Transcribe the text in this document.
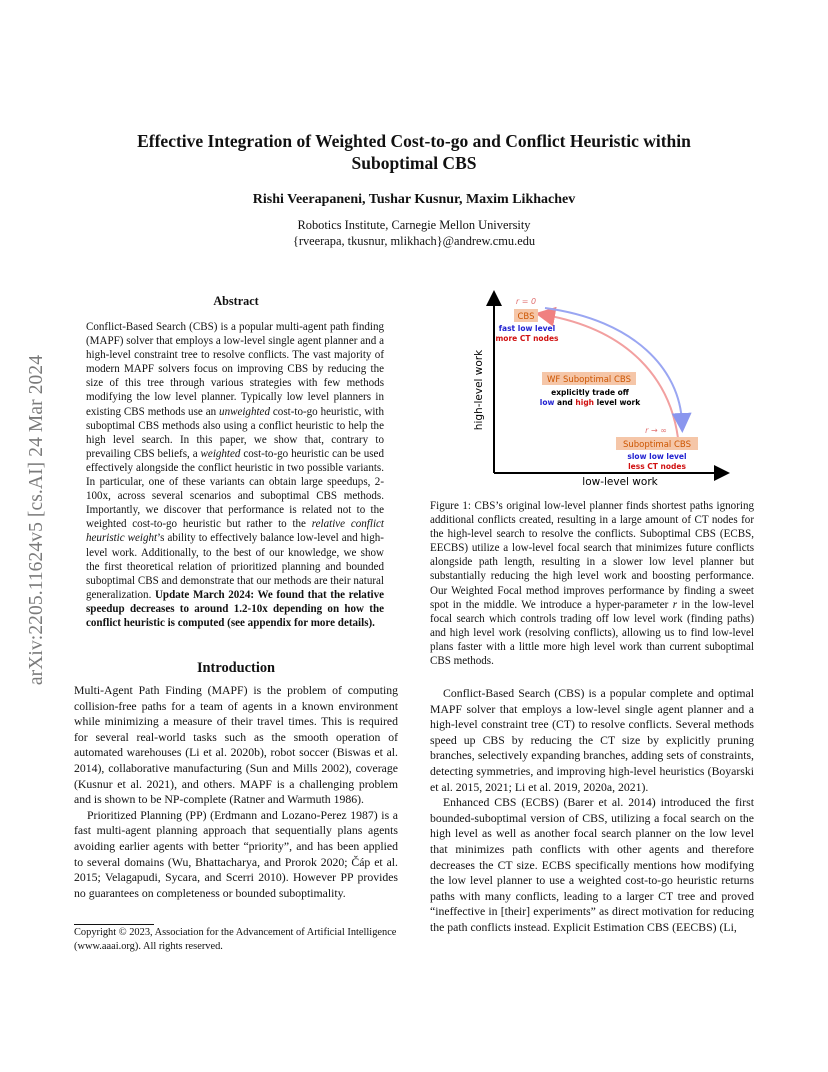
arXiv:2205.11624v5 [cs.AI] 24 Mar 2024
Effective Integration of Weighted Cost-to-go and Conflict Heuristic within
Suboptimal CBS
Rishi Veerapaneni, Tushar Kusnur, Maxim Likhachev
Robotics Institute, Carnegie Mellon University
{rveerapa, tkusnur, mlikhach}@andrew.cmu.edu
Abstract

Conflict-Based Search (CBS) is a popular multi-agent path finding (MAPF) solver that employs a low-level single agent planner and a high-level constraint tree to resolve conflicts. The vast majority of modern MAPF solvers focus on improving CBS by reducing the size of this tree through various strategies with few methods modifying the low level planner. Typically low level planners in existing CBS methods use an unweighted cost-to-go heuristic, with suboptimal CBS methods also using a conflict heuristic to help the high level search. In this paper, we show that, contrary to prevailing CBS beliefs, a weighted cost-to-go heuristic can be used effectively alongside the conflict heuristic in two possible variants. In particular, one of these variants can obtain large speedups, 2-100x, across several scenarios and suboptimal CBS methods. Importantly, we discover that performance is related not to the weighted cost-to-go heuristic but rather to the relative conflict heuristic weight’s ability to effectively balance low-level and high-level work. Additionally, to the best of our knowledge, we show the first theoretical relation of prioritized planning and bounded suboptimal CBS and demonstrate that our methods are their natural generalization. Update March 2024: We found that the relative speedup decreases to around 1.2-10x depending on how the conflict heuristic is computed (see appendix for more details).

Introduction

Multi-Agent Path Finding (MAPF) is the problem of computing collision-free paths for a team of agents in a known environment while minimizing a measure of their travel times. This is required for several real-world tasks such as the smooth operation of automated warehouses (Li et al. 2020b), robot soccer (Biswas et al. 2014), collaborative manufacturing (Sun and Mills 2002), coverage (Kusnur et al. 2021), and others. MAPF is a challenging problem and is shown to be NP-complete (Ratner and Warmuth 1986).

Prioritized Planning (PP) (Erdmann and Lozano-Perez 1987) is a fast multi-agent planning approach that sequentially plans agents avoiding earlier agents with better “priority”, and has been applied to several domains (Wu, Bhattacharya, and Prorok 2020; Čáp et al. 2015; Velagapudi, Sycara, and Scerri 2010). However PP provides no guarantees on completeness or bounded suboptimality.

Copyright © 2023, Association for the Advancement of Artificial Intelligence (www.aaai.org). All rights reserved.
high-level work
low-level work
r = 0
CBS
fast low level
more CT nodes
WF Suboptimal CBS
explicitly trade off
low and high level work
r → ∞
Suboptimal CBS
slow low level
less CT nodes

Figure 1: CBS’s original low-level planner finds shortest paths ignoring additional conflicts created, resulting in a large amount of CT nodes for the high-level search to resolve the conflicts. Suboptimal CBS (ECBS, EECBS) utilize a low-level focal search that minimizes future conflicts alongside path length, resulting in a slower low level planner but substantially reducing the high level work and boosting performance. Our Weighted Focal method improves performance by finding a sweet spot in the middle. We introduce a hyper-parameter r in the low-level focal search which controls trading off low level work (finding paths) and high level work (resolving conflicts), allowing us to find low-level plans faster with a little more high level work than current suboptimal CBS methods.

Conflict-Based Search (CBS) is a popular complete and optimal MAPF solver that employs a low-level single agent planner and a high-level constraint tree (CT) to resolve conflicts. Several methods speed up CBS by reducing the CT size by explicitly pruning branches, selectively expanding branches, adding sets of constraints, detecting symmetries, and improving high-level heuristics (Boyarski et al. 2015, 2021; Li et al. 2019, 2020a, 2021).

Enhanced CBS (ECBS) (Barer et al. 2014) introduced the first bounded-suboptimal version of CBS, utilizing a focal search on the high level as well as another focal search planner on the low level that minimizes path conflicts with other agents and therefore decreases the CT size. ECBS specifically mentions how modifying the low level planner to use a weighted cost-to-go heuristic returns paths with many conflicts, leading to a larger CT tree and proved “ineffective in [their] experiments” as direct motivation for reducing the path conflicts instead. Explicit Estimation CBS (EECBS) (Li,
